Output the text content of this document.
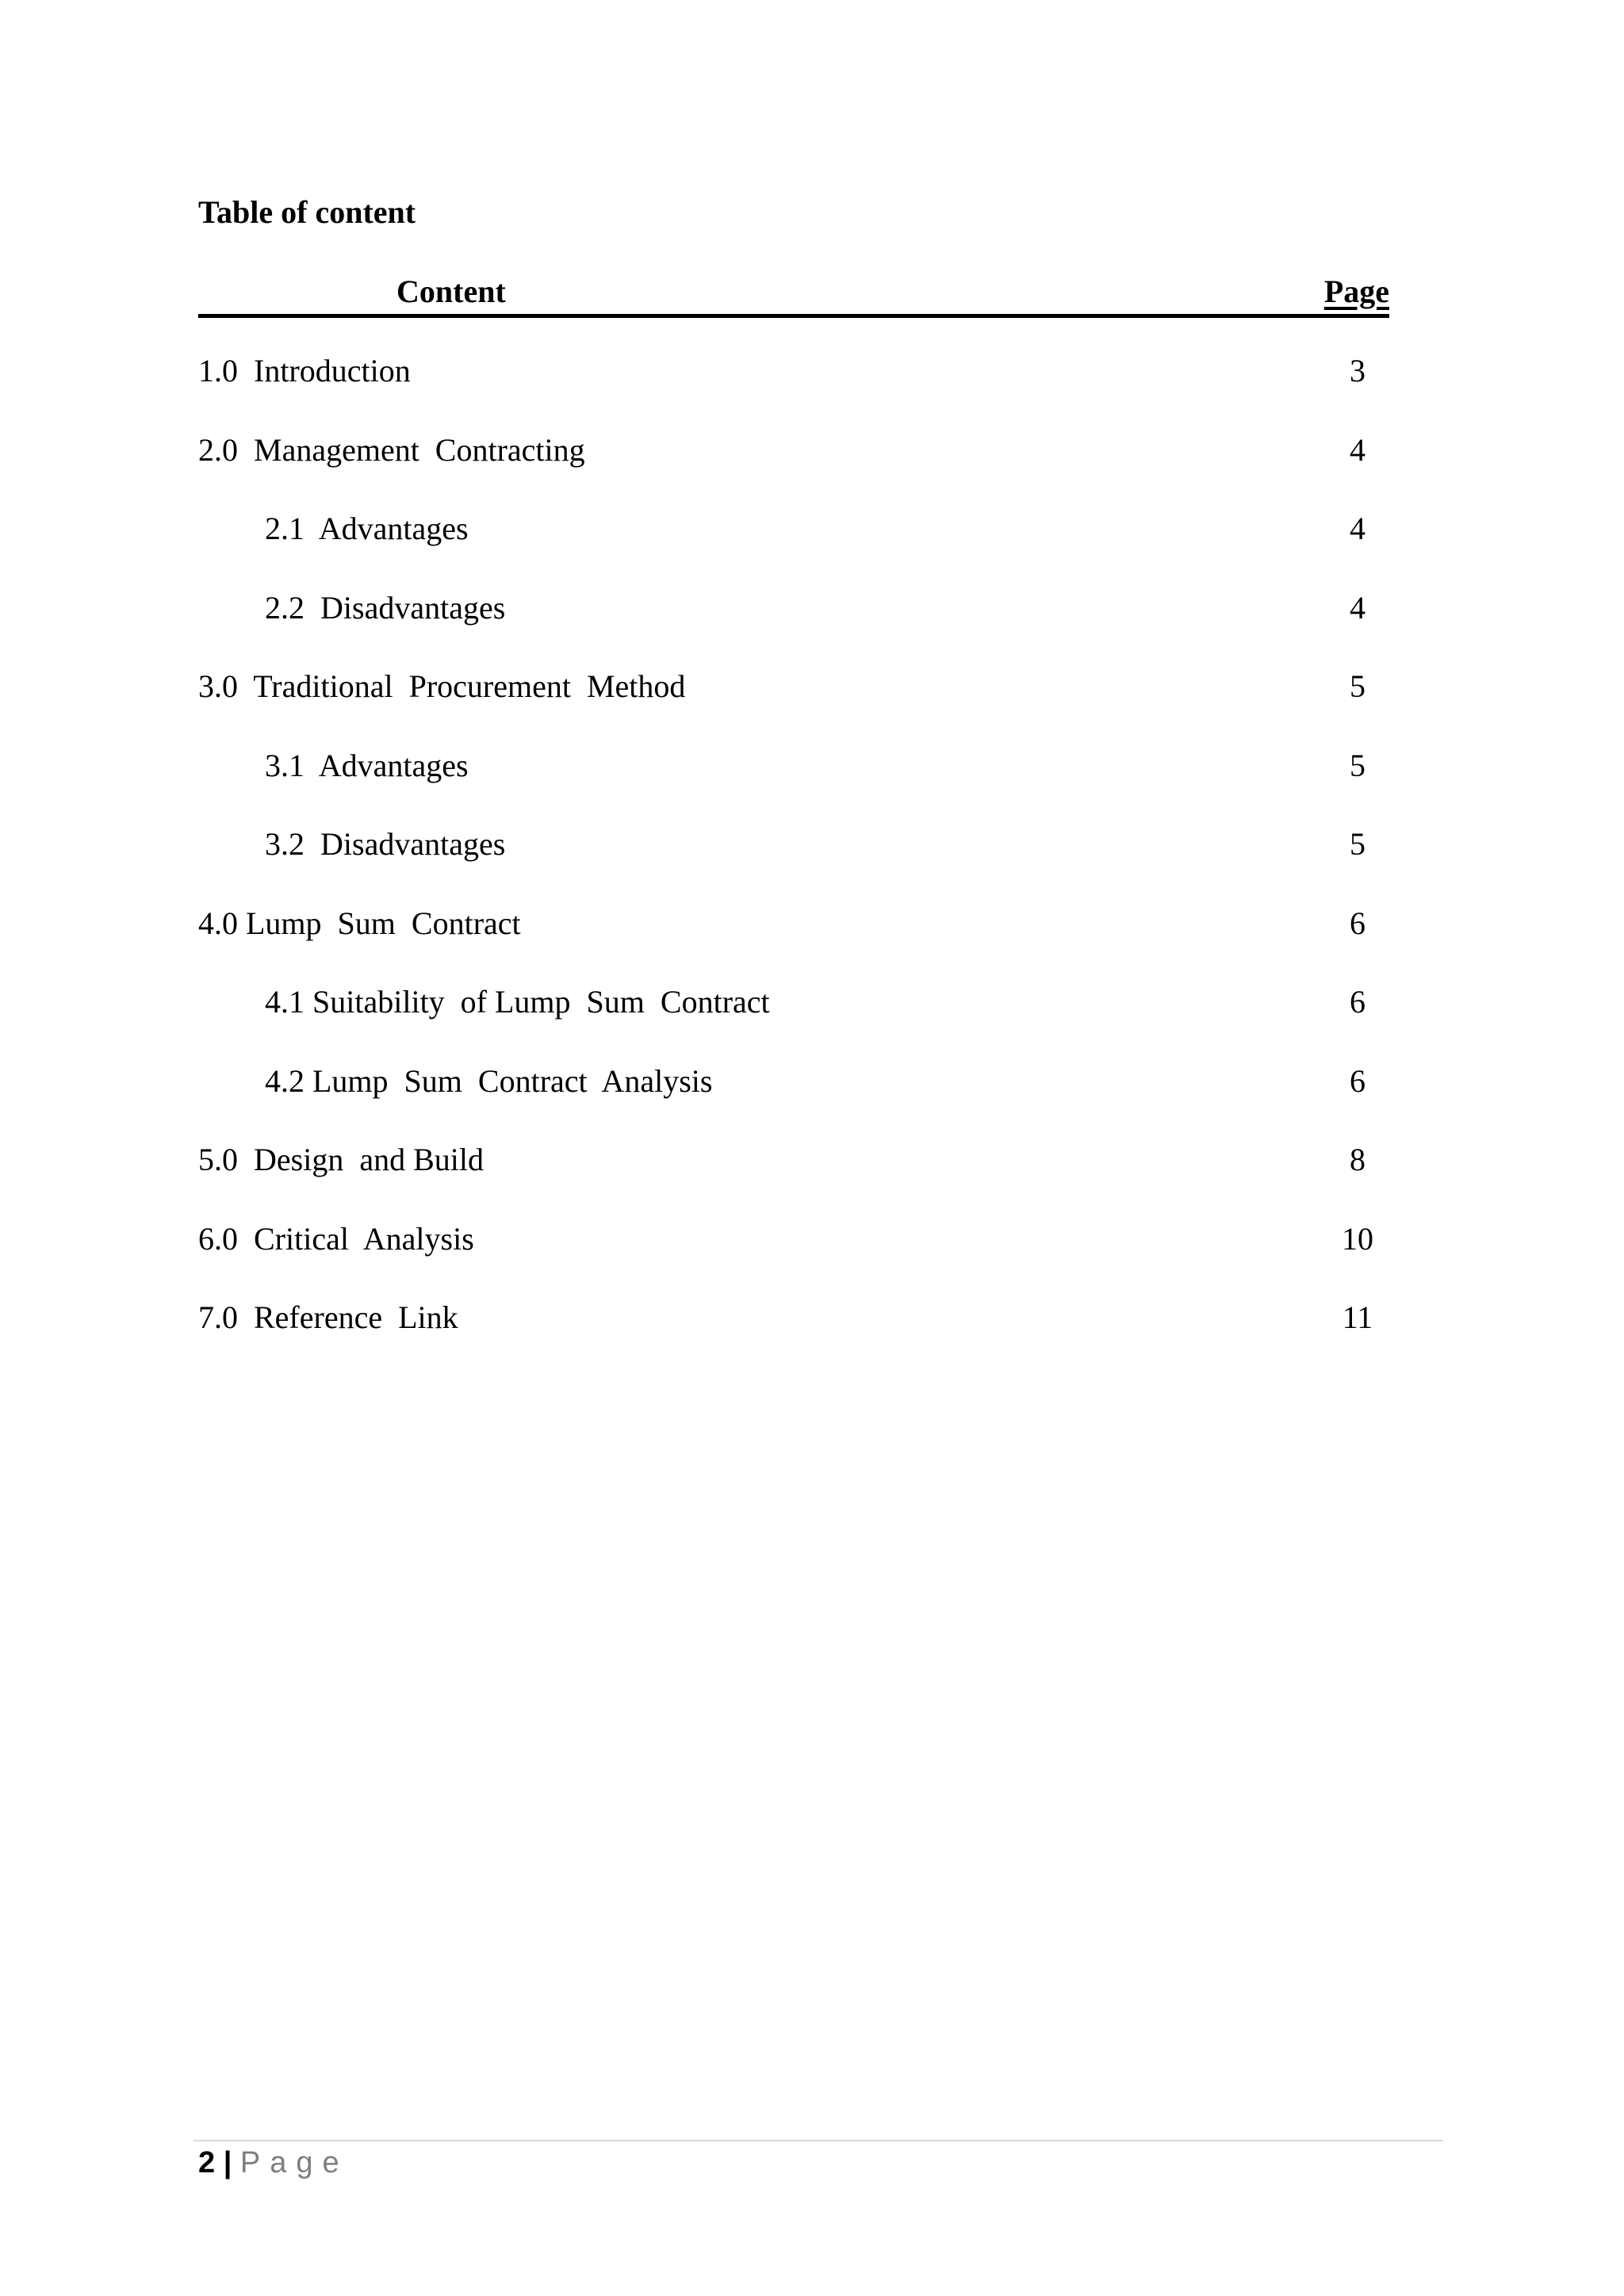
Table of content
Content	Page
1.0  Introduction	3
2.0  Management  Contracting	4
2.1  Advantages	4
2.2  Disadvantages	4
3.0  Traditional  Procurement  Method	5
3.1  Advantages	5
3.2  Disadvantages	5
4.0 Lump  Sum  Contract	6
4.1 Suitability  of Lump  Sum  Contract	6
4.2 Lump  Sum  Contract  Analysis	6
5.0  Design  and Build	8
6.0  Critical  Analysis	10
7.0  Reference  Link	11
2 | Page
